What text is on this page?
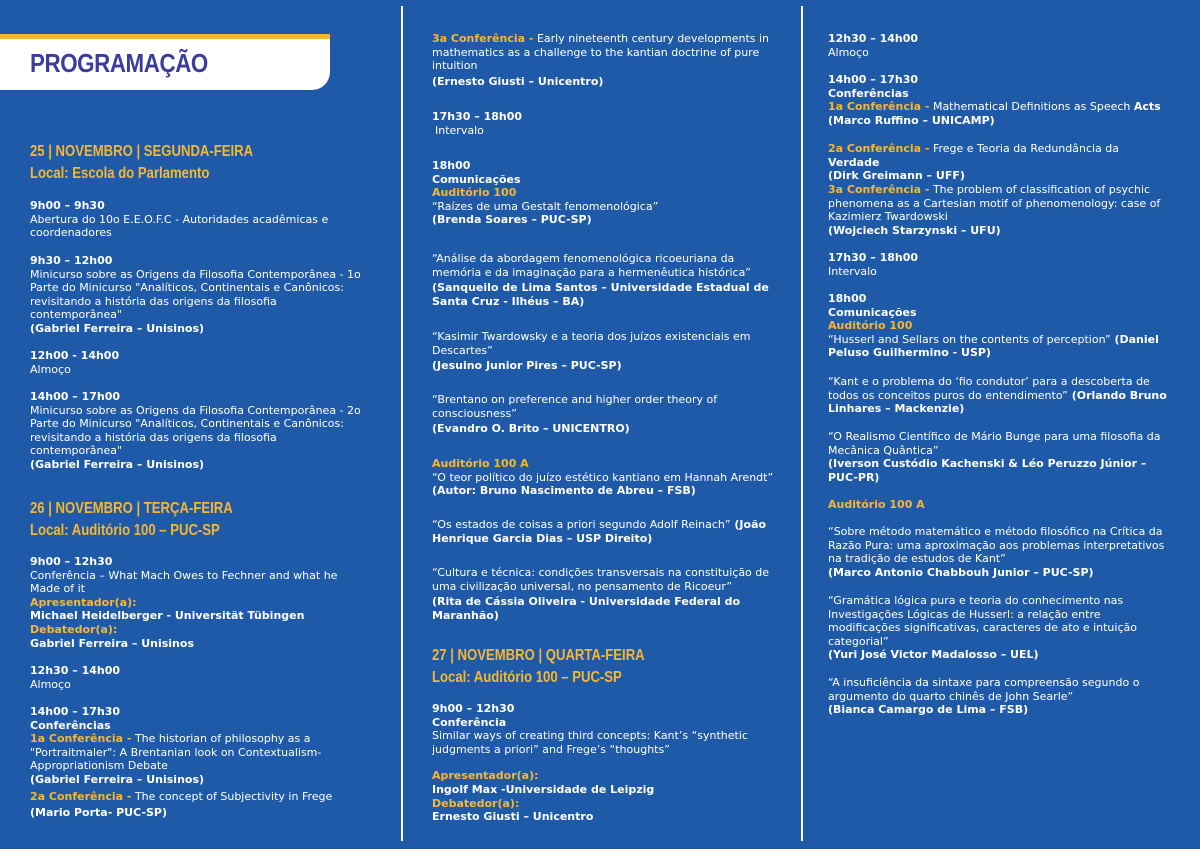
PROGRAMAÇÃO
25 | NOVEMBRO | SEGUNDA-FEIRA
Local: Escola do Parlamento
9h00 – 9h30
Abertura do 10o E.E.O.F.C - Autoridades acadêmicas e coordenadores
9h30 – 12h00
Minicurso sobre as Origens da Filosofia Contemporânea - 1o Parte do Minicurso "Analíticos, Continentais e Canônicos: revisitando a história das origens da filosofia contemporânea"
(Gabriel Ferreira – Unisinos)
12h00 - 14h00
Almoço
14h00 – 17h00
Minicurso sobre as Origens da Filosofia Contemporânea - 2o Parte do Minicurso "Analíticos, Continentais e Canônicos: revisitando a história das origens da filosofia contemporânea"
(Gabriel Ferreira – Unisinos)
26 | NOVEMBRO | TERÇA-FEIRA
Local: Auditório 100 – PUC-SP
9h00 – 12h30
Conferência – What Mach Owes to Fechner and what he Made of it
Apresentador(a):
Michael Heidelberger - Universität Tübingen
Debatedor(a):
Gabriel Ferreira – Unisinos
12h30 – 14h00
Almoço
14h00 – 17h30
Conferências
1a Conferência - The historian of philosophy as a "Portraitmaler": A Brentanian look on Contextualism-Appropriationism Debate
(Gabriel Ferreira – Unisinos)
2a Conferência - The concept of Subjectivity in Frege
(Mario Porta- PUC-SP)
3a Conferência - Early nineteenth century developments in mathematics as a challenge to the kantian doctrine of pure intuition
(Ernesto Giusti – Unicentro)
17h30 – 18h00
Intervalo
18h00
Comunicações
Auditório 100
“Raízes de uma Gestalt fenomenológica”
(Brenda Soares – PUC-SP)
“Análise da abordagem fenomenológica ricoeuriana da memória e da imaginação para a hermenêutica histórica”
(Sanqueilo de Lima Santos – Universidade Estadual de Santa Cruz - Ilhéus – BA)
“Kasimir Twardowsky e a teoria dos juízos existenciais em Descartes”
(Jesuino Junior Pires – PUC-SP)
“Brentano on preference and higher order theory of consciousness”
(Evandro O. Brito – UNICENTRO)
Auditório 100 A
“O teor político do juízo estético kantiano em Hannah Arendt”
(Autor: Bruno Nascimento de Abreu – FSB)
“Os estados de coisas a priori segundo Adolf Reinach” (João Henrique Garcia Dias – USP Direito)
“Cultura e técnica: condições transversais na constituição de uma civilização universal, no pensamento de Ricoeur”
(Rita de Cássia Oliveira - Universidade Federal do Maranhão)
27 | NOVEMBRO | QUARTA-FEIRA
Local: Auditório 100 – PUC-SP
9h00 – 12h30
Conferência
Similar ways of creating third concepts: Kant’s “synthetic judgments a priori” and Frege’s “thoughts”
Apresentador(a):
Ingolf Max -Universidade de Leipzig
Debatedor(a):
Ernesto Giusti – Unicentro
12h30 – 14h00
Almoço
14h00 – 17h30
Conferências
1a Conferência - Mathematical Definitions as Speech Acts
(Marco Ruffino – UNICAMP)
2a Conferência - Frege e Teoria da Redundância da Verdade
(Dirk Greimann – UFF)
3a Conferência - The problem of classification of psychic phenomena as a Cartesian motif of phenomenology: case of Kazimierz Twardowski
(Wojciech Starzynski – UFU)
17h30 – 18h00
Intervalo
18h00
Comunicações
Auditório 100
“Husserl and Sellars on the contents of perception” (Daniel Peluso Guilhermino - USP)
“Kant e o problema do ‘fio condutor’ para a descoberta de todos os conceitos puros do entendimento” (Orlando Bruno Linhares – Mackenzie)
“O Realismo Científico de Mário Bunge para uma filosofia da Mecânica Quântica”
(Iverson Custódio Kachenski & Léo Peruzzo Júnior – PUC-PR)
Auditório 100 A
“Sobre método matemático e método filosófico na Crítica da Razão Pura: uma aproximação aos problemas interpretativos na tradição de estudos de Kant”
(Marco Antonio Chabbouh Junior – PUC-SP)
“Gramática lógica pura e teoria do conhecimento nas Investigações Lógicas de Husserl: a relação entre modificações significativas, caracteres de ato e intuição categorial”
(Yuri José Victor Madalosso – UEL)
“A insuficiência da sintaxe para compreensão segundo o argumento do quarto chinês de John Searle”
(Bianca Camargo de Lima – FSB)
